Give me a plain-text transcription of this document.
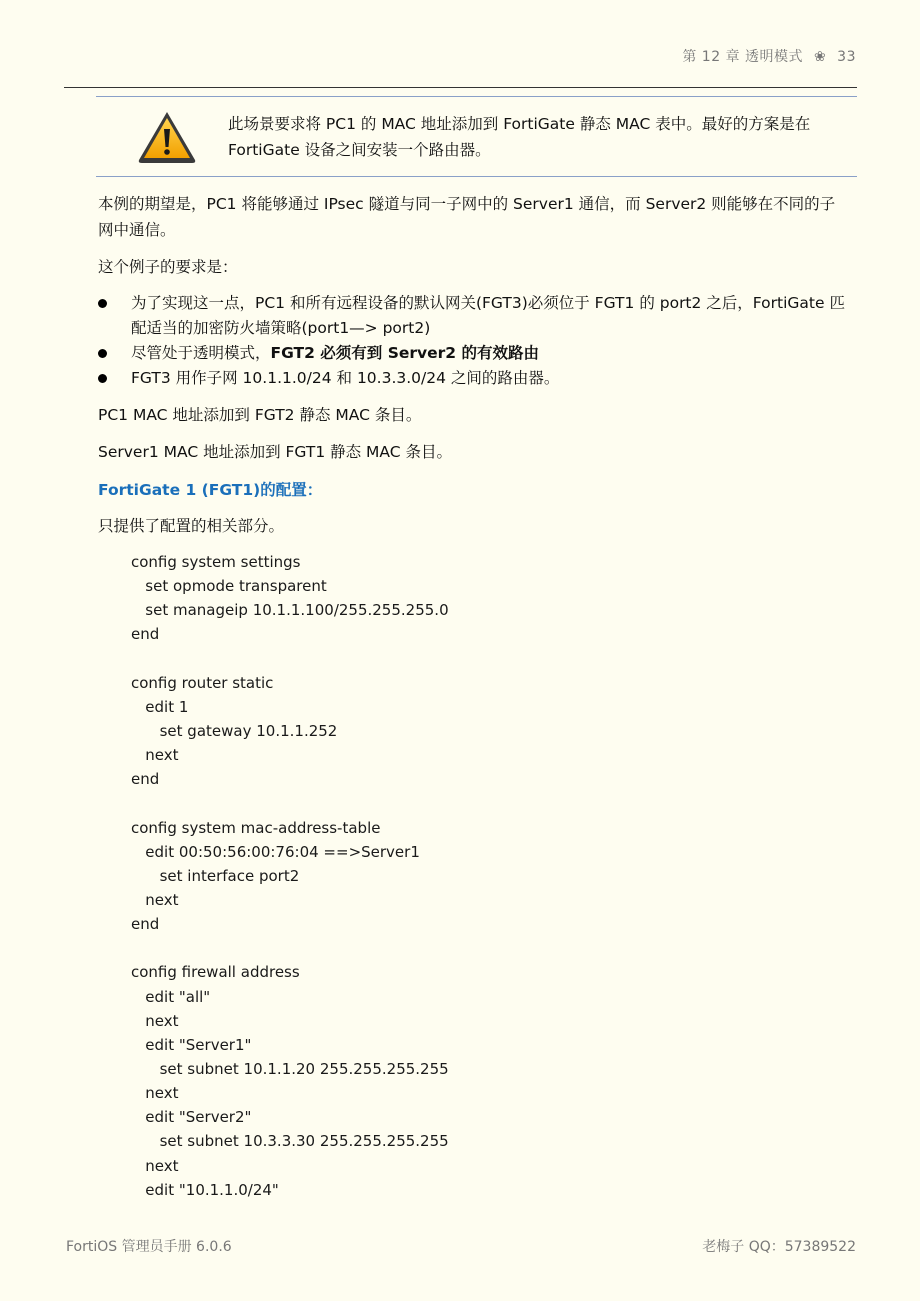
第 12 章 透明模式 ❀ 33
此场景要求将 PC1 的 MAC 地址添加到 FortiGate 静态 MAC 表中。最好的方案是在
FortiGate 设备之间安装一个路由器。
本例的期望是，PC1 将能够通过 IPsec 隧道与同一子网中的 Server1 通信，而 Server2 则能够在不同的子
网中通信。
这个例子的要求是：
为了实现这一点，PC1 和所有远程设备的默认网关(FGT3)必须位于 FGT1 的 port2 之后，FortiGate 匹
配适当的加密防火墙策略(port1—> port2)
尽管处于透明模式，FGT2 必须有到 Server2 的有效路由
FGT3 用作子网 10.1.1.0/24 和 10.3.3.0/24 之间的路由器。
PC1 MAC 地址添加到 FGT2 静态 MAC 条目。
Server1 MAC 地址添加到 FGT1 静态 MAC 条目。
FortiGate 1 (FGT1)的配置：
只提供了配置的相关部分。
config system settings
set opmode transparent
set manageip 10.1.1.100/255.255.255.0
end
config router static
edit 1
set gateway 10.1.1.252
next
end
config system mac-address-table
edit 00:50:56:00:76:04 ==>Server1
set interface port2
next
end
config firewall address
edit "all"
next
edit "Server1"
set subnet 10.1.1.20 255.255.255.255
next
edit "Server2"
set subnet 10.3.3.30 255.255.255.255
next
edit "10.1.1.0/24"
FortiOS 管理员手册 6.0.6	老梅子 QQ：57389522
